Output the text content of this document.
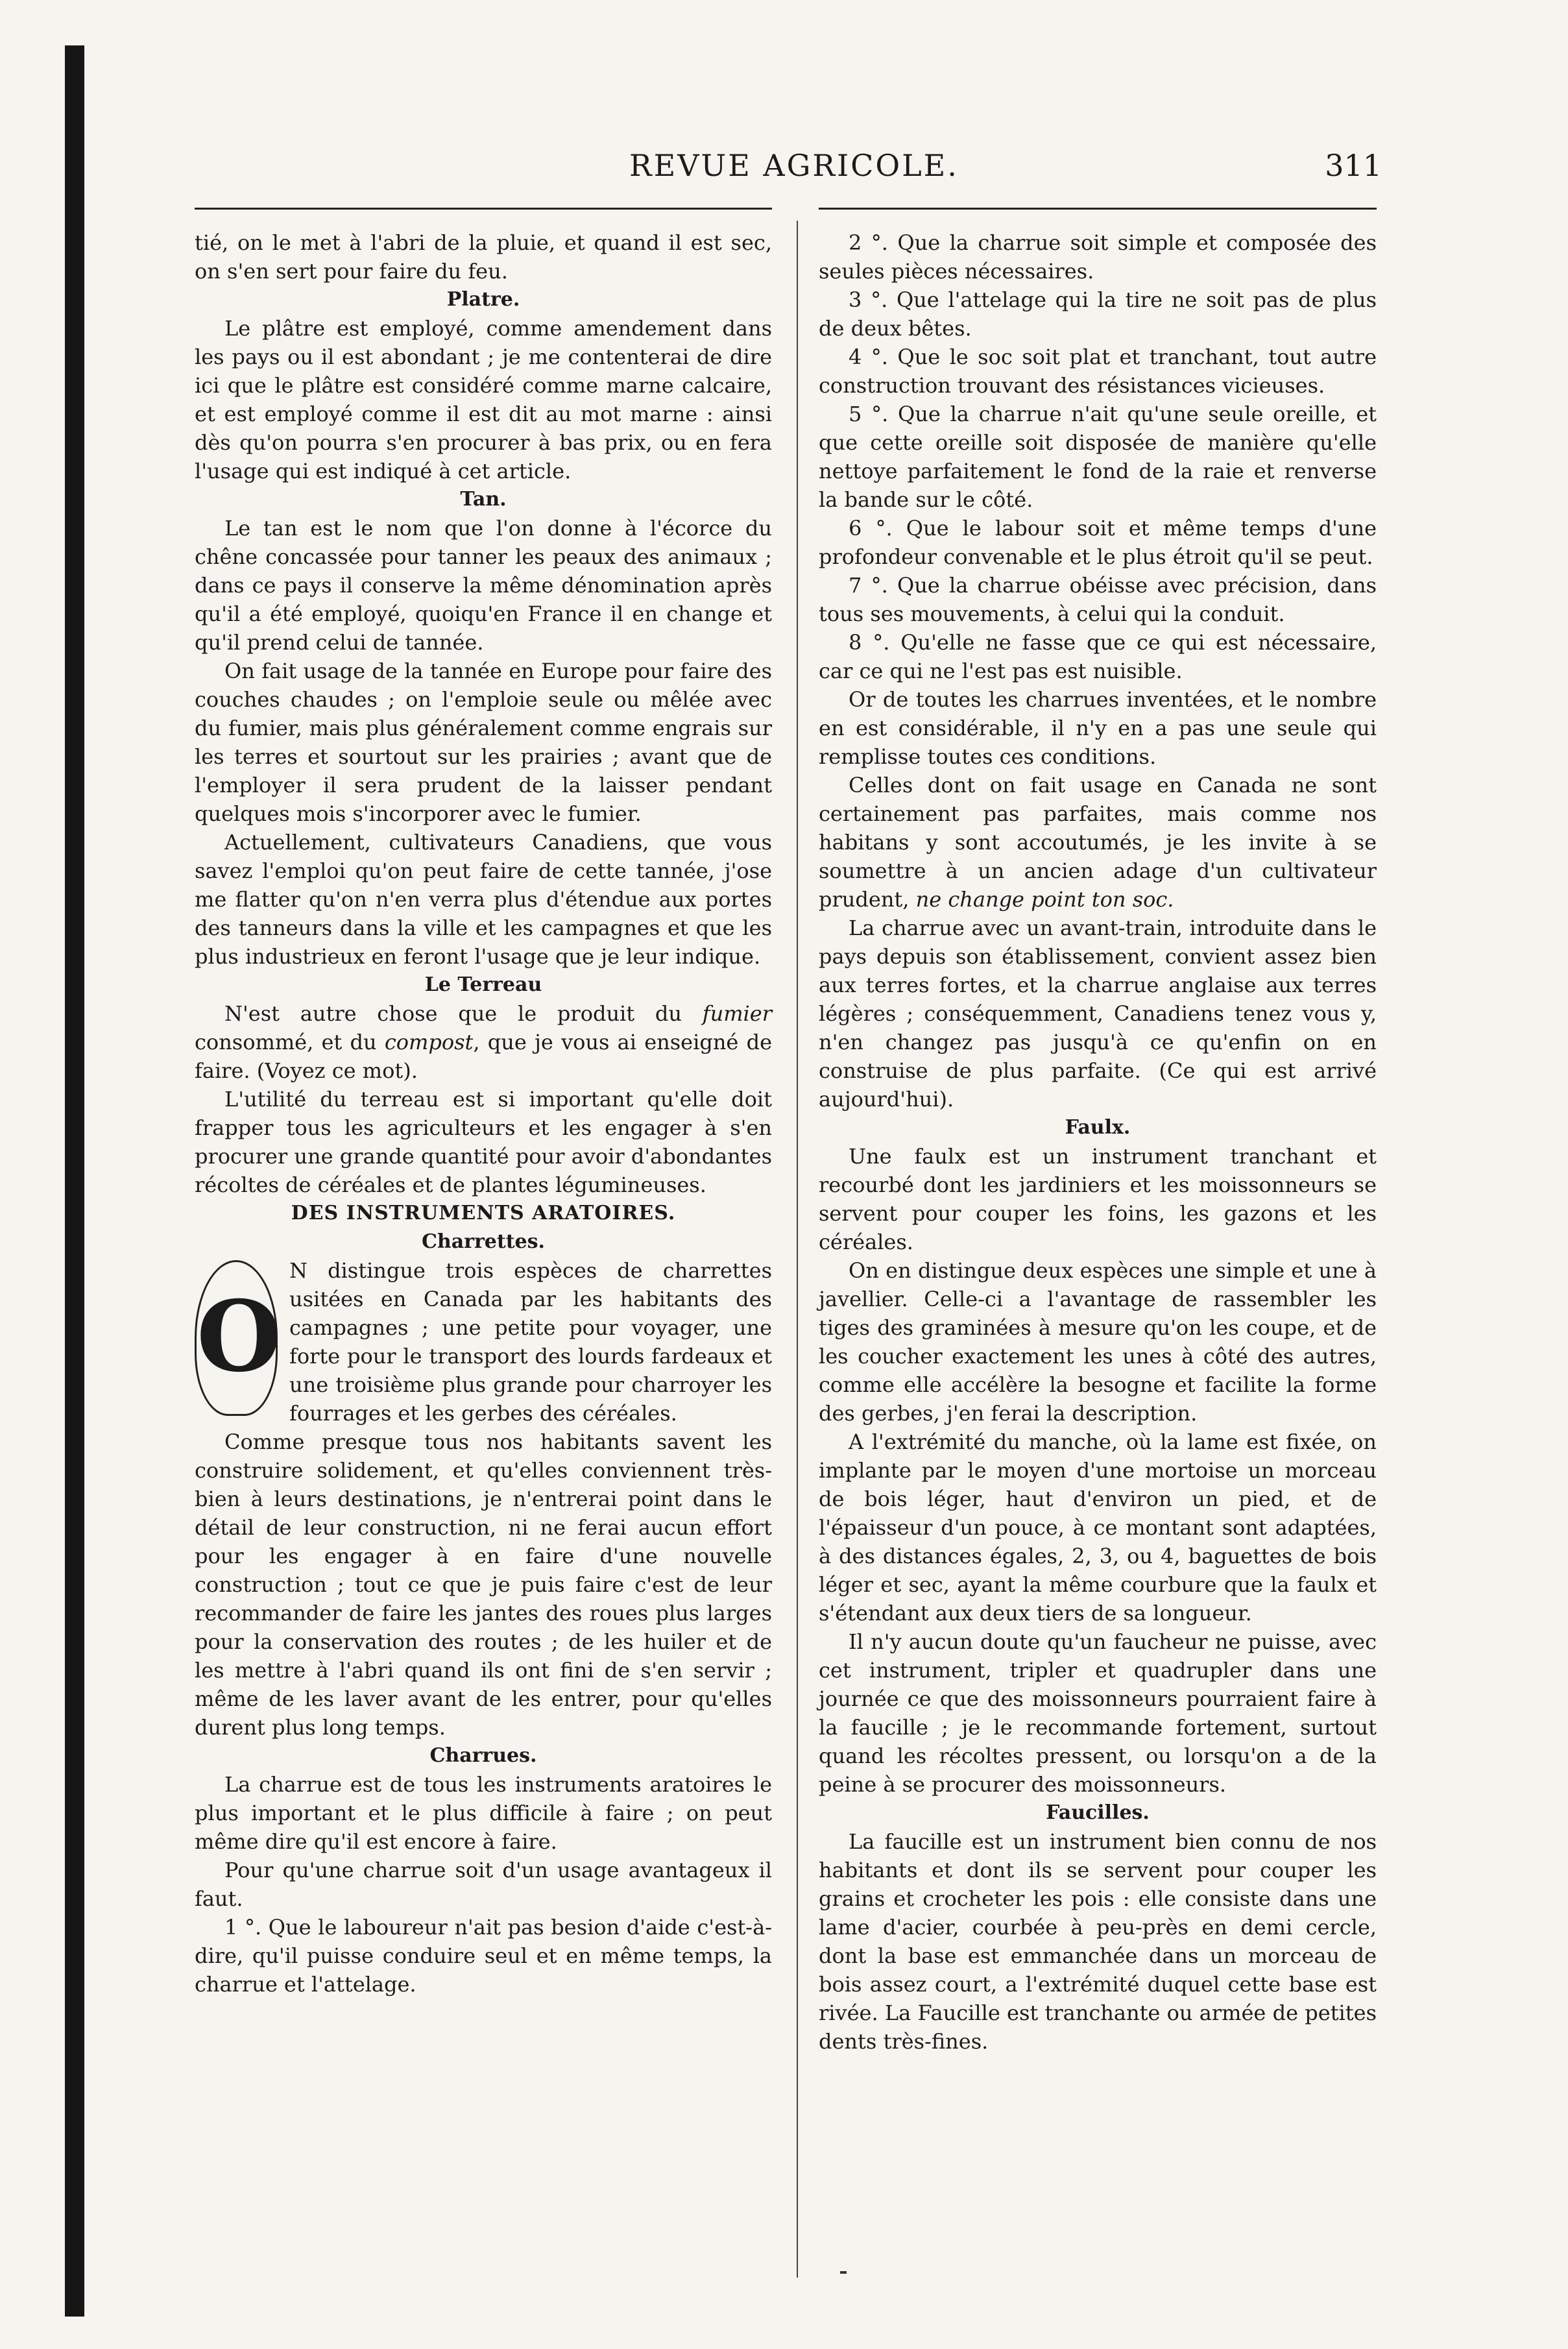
REVUE AGRICOLE.	311

tié, on le met à l'abri de la pluie, et quand il est sec, on s'en sert pour faire du feu.

Platre.

Le plâtre est employé, comme amendement dans les pays ou il est abondant ; je me contenterai de dire ici que le plâtre est considéré comme marne calcaire, et est employé comme il est dit au mot marne : ainsi dès qu'on pourra s'en procurer à bas prix, ou en fera l'usage qui est indiqué à cet article.

Tan.

Le tan est le nom que l'on donne à l'écorce du chêne concassée pour tanner les peaux des animaux ; dans ce pays il conserve la même dénomination après qu'il a été employé, quoiqu'en France il en change et qu'il prend celui de tannée.

On fait usage de la tannée en Europe pour faire des couches chaudes ; on l'emploie seule ou mêlée avec du fumier, mais plus généralement comme engrais sur les terres et sourtout sur les prairies ; avant que de l'employer il sera prudent de la laisser pendant quelques mois s'incorporer avec le fumier.

Actuellement, cultivateurs Canadiens, que vous savez l'emploi qu'on peut faire de cette tannée, j'ose me flatter qu'on n'en verra plus d'étendue aux portes des tanneurs dans la ville et les campagnes et que les plus industrieux en feront l'usage que je leur indique.

Le Terreau

N'est autre chose que le produit du fumier consommé, et du compost, que je vous ai enseigné de faire. (Voyez ce mot).

L'utilité du terreau est si important qu'elle doit frapper tous les agriculteurs et les engager à s'en procurer une grande quantité pour avoir d'abondantes récoltes de céréales et de plantes légumineuses.

DES INSTRUMENTS ARATOIRES.
Charrettes.
O

N distingue trois espèces de charrettes usitées en Canada par les habitants des campagnes ; une petite pour voyager, une forte pour le transport des lourds fardeaux et une troisième plus grande pour charroyer les fourrages et les gerbes des céréales.

Comme presque tous nos habitants savent les construire solidement, et qu'elles conviennent très-bien à leurs destinations, je n'entrerai point dans le détail de leur construction, ni ne ferai aucun effort pour les engager à en faire d'une nouvelle construction ; tout ce que je puis faire c'est de leur recommander de faire les jantes des roues plus larges pour la conservation des routes ; de les huiler et de les mettre à l'abri quand ils ont fini de s'en servir ; même de les laver avant de les entrer, pour qu'elles durent plus long temps.

Charrues.

La charrue est de tous les instruments aratoires le plus important et le plus difficile à faire ; on peut même dire qu'il est encore à faire.

Pour qu'une charrue soit d'un usage avantageux il faut.

1 °. Que le laboureur n'ait pas besion d'aide c'est-à-dire, qu'il puisse conduire seul et en même temps, la charrue et l'attelage.

2 °. Que la charrue soit simple et composée des seules pièces nécessaires.

3 °. Que l'attelage qui la tire ne soit pas de plus de deux bêtes.

4 °. Que le soc soit plat et tranchant, tout autre construction trouvant des résistances vicieuses.

5 °. Que la charrue n'ait qu'une seule oreille, et que cette oreille soit disposée de manière qu'elle nettoye parfaitement le fond de la raie et renverse la bande sur le côté.

6 °. Que le labour soit et même temps d'une profondeur convenable et le plus étroit qu'il se peut.

7 °. Que la charrue obéisse avec précision, dans tous ses mouvements, à celui qui la conduit.

8 °. Qu'elle ne fasse que ce qui est nécessaire, car ce qui ne l'est pas est nuisible.

Or de toutes les charrues inventées, et le nombre en est considérable, il n'y en a pas une seule qui remplisse toutes ces conditions.

Celles dont on fait usage en Canada ne sont certainement pas parfaites, mais comme nos habitans y sont accoutumés, je les invite à se soumettre à un ancien adage d'un cultivateur prudent, ne change point ton soc.

La charrue avec un avant-train, introduite dans le pays depuis son établissement, convient assez bien aux terres fortes, et la charrue anglaise aux terres légères ; conséquemment, Canadiens tenez vous y, n'en changez pas jusqu'à ce qu'enfin on en construise de plus parfaite. (Ce qui est arrivé aujourd'hui).

Faulx.

Une faulx est un instrument tranchant et recourbé dont les jardiniers et les moissonneurs se servent pour couper les foins, les gazons et les céréales.

On en distingue deux espèces une simple et une à javellier. Celle-ci a l'avantage de rassembler les tiges des graminées à mesure qu'on les coupe, et de les coucher exactement les unes à côté des autres, comme elle accélère la besogne et facilite la forme des gerbes, j'en ferai la description.

A l'extrémité du manche, où la lame est fixée, on implante par le moyen d'une mortoise un morceau de bois léger, haut d'environ un pied, et de l'épaisseur d'un pouce, à ce montant sont adaptées, à des distances égales, 2, 3, ou 4, baguettes de bois léger et sec, ayant la même courbure que la faulx et s'étendant aux deux tiers de sa longueur.

Il n'y aucun doute qu'un faucheur ne puisse, avec cet instrument, tripler et quadrupler dans une journée ce que des moissonneurs pourraient faire à la faucille ; je le recommande fortement, surtout quand les récoltes pressent, ou lorsqu'on a de la peine à se procurer des moissonneurs.

Faucilles.

La faucille est un instrument bien connu de nos habitants et dont ils se servent pour couper les grains et crocheter les pois : elle consiste dans une lame d'acier, courbée à peu-près en demi cercle, dont la base est emmanchée dans un morceau de bois assez court, a l'extrémité duquel cette base est rivée. La Faucille est tranchante ou armée de petites dents très-fines.
